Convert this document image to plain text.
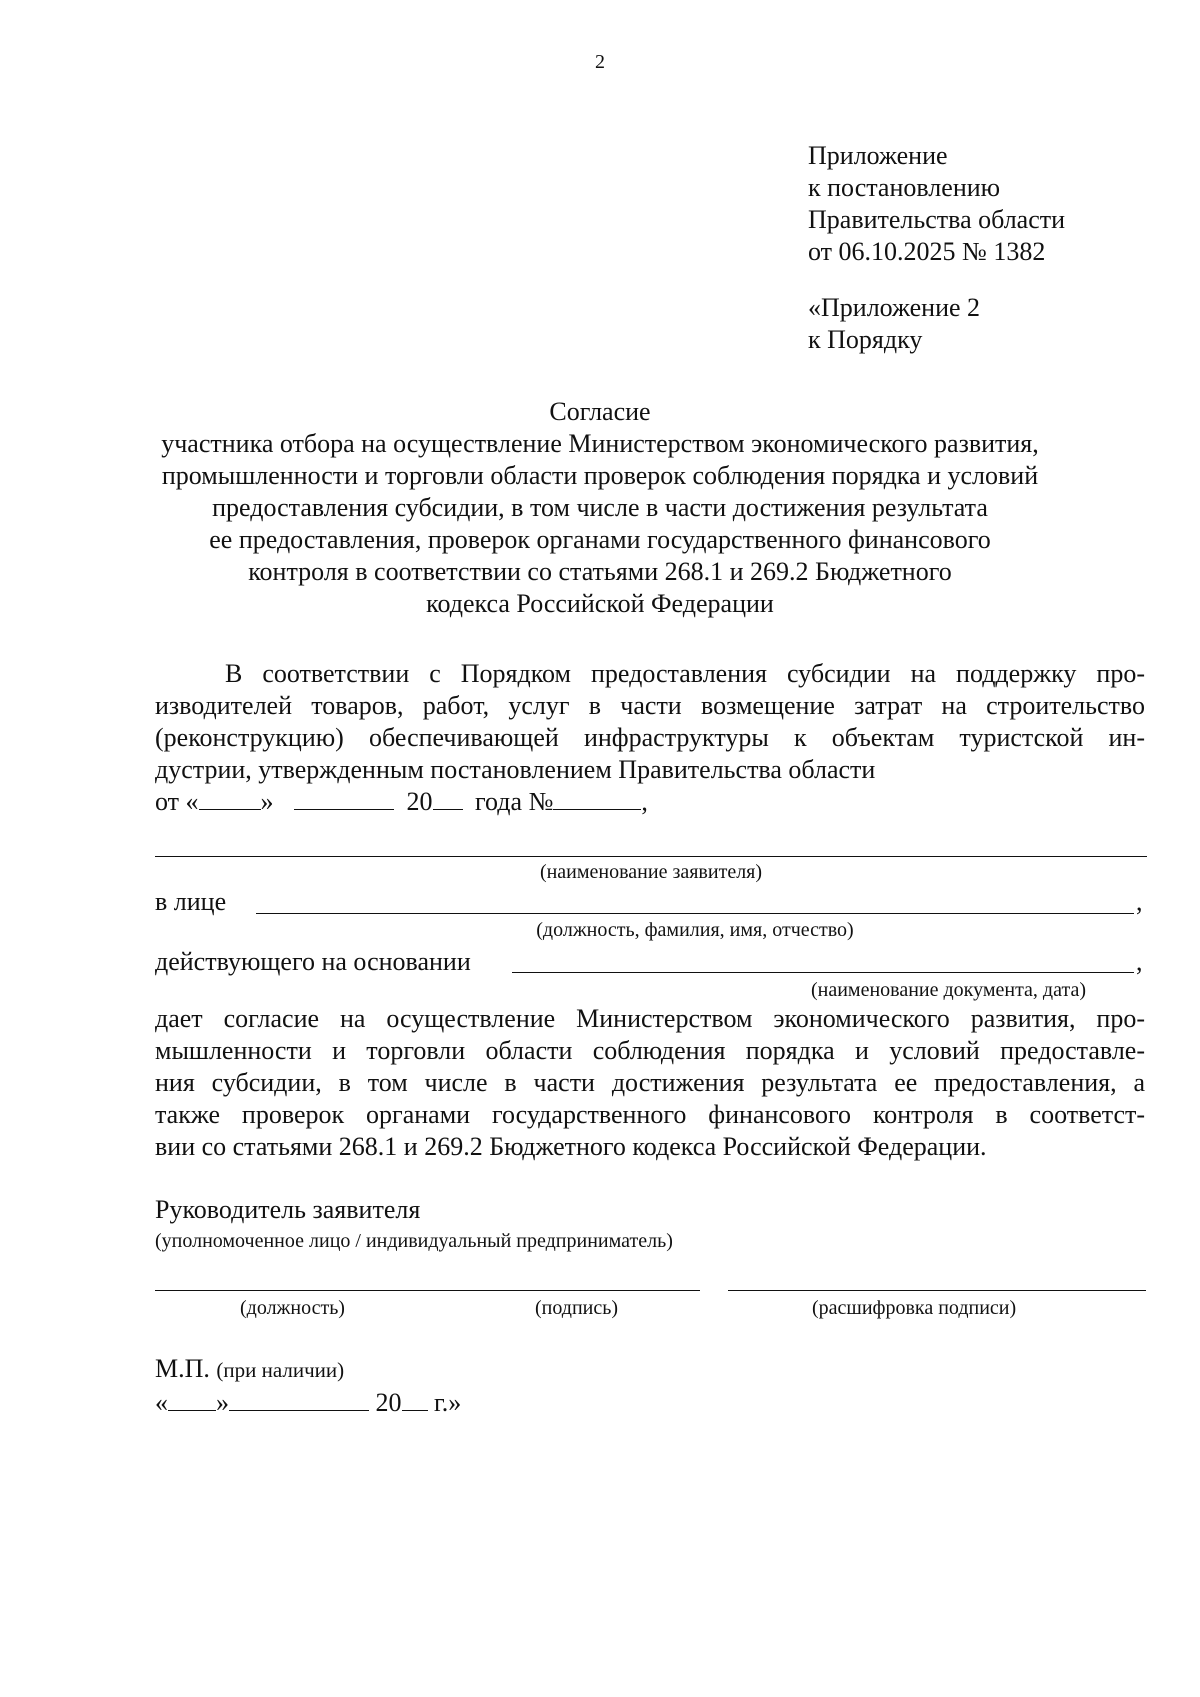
2
Приложение
к постановлению
Правительства области
от 06.10.2025 № 1382
«Приложение 2
к Порядку
Согласие
участника отбора на осуществление Министерством экономического развития,
промышленности и торговли области проверок соблюдения порядка и условий
предоставления субсидии, в том числе в части достижения результата
ее предоставления, проверок органами государственного финансового
контроля в соответствии со статьями 268.1 и 269.2 Бюджетного
кодекса Российской Федерации
В соответствии с Порядком предоставления субсидии на поддержку про-
изводителей товаров, работ, услуг в части возмещение затрат на строительство
(реконструкцию) обеспечивающей инфраструктуры к объектам туристской ин-
дустрии, утвержденным постановлением Правительства области
от « »	20 года №	,
(наименование заявителя)
в лице	,
(должность, фамилия, имя, отчество)
действующего на основании	,
(наименование документа, дата)
дает согласие на осуществление Министерством экономического развития, про-
мышленности и торговли области соблюдения порядка и условий предоставле-
ния субсидии, в том числе в части достижения результата ее предоставления, а
также проверок органами государственного финансового контроля в соответст-
вии со статьями 268.1 и 269.2 Бюджетного кодекса Российской Федерации.
Руководитель заявителя
(уполномоченное лицо / индивидуальный предприниматель)
(должность)	(подпись)	(расшифровка подписи)
М.П. (при наличии)
« »	20 г.»
